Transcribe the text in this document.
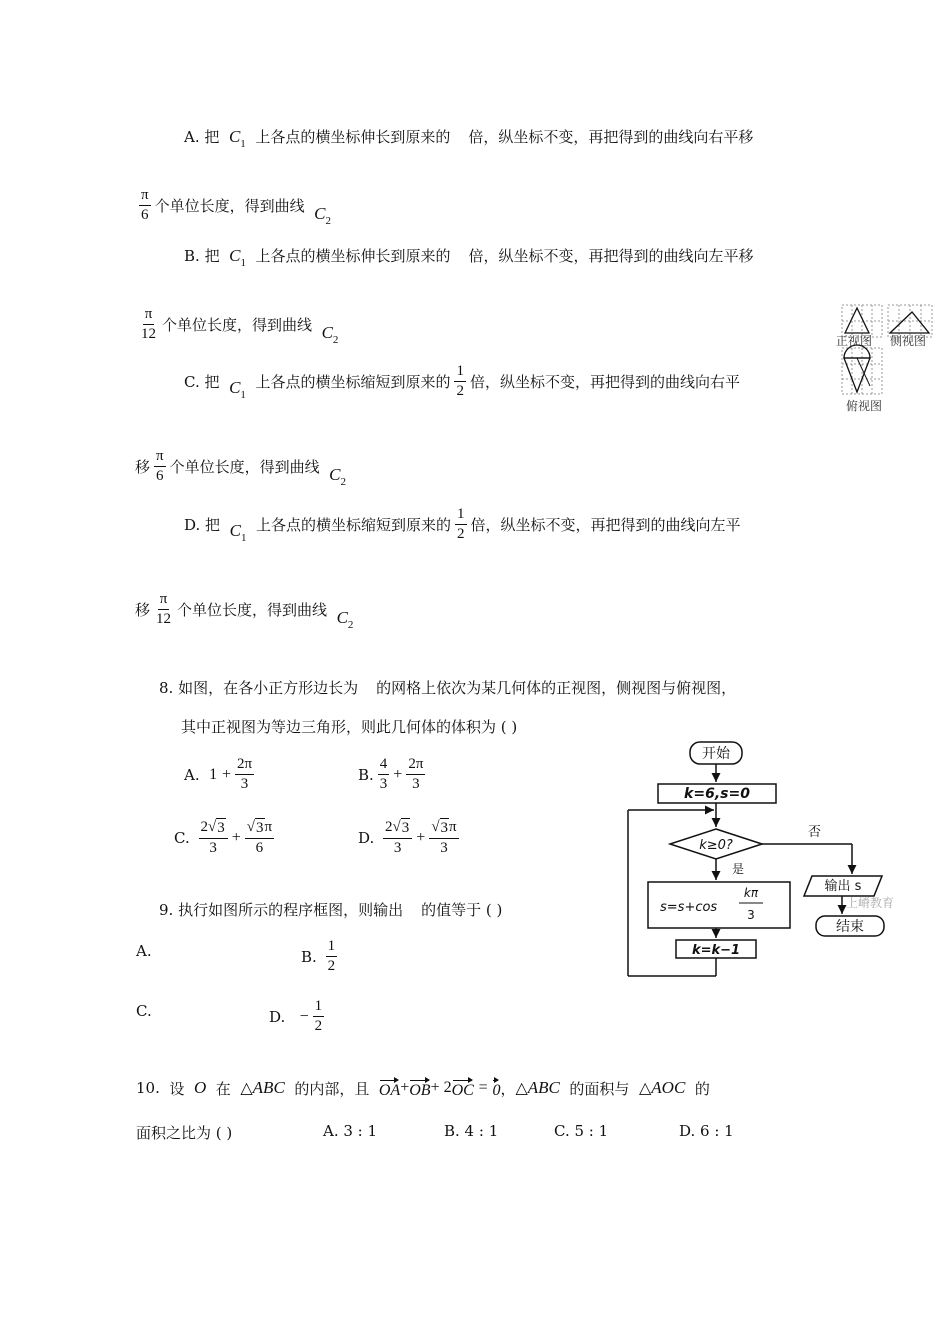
A.
把
$C_1$
上各点的横坐标伸长到原来的 倍，纵坐标不变，再把得到的曲线向右平移
$\frac{\pi}{6}$ 个单位长度，得到曲线
$C_2$
B.
把
$C_1$
上各点的横坐标伸长到原来的 倍，纵坐标不变，再把得到的曲线向左平移
$\frac{\pi}{12}$ 个单位长度，得到曲线
$C_2$
C.
把
$C_1$

上各点的横坐标缩短到原来的 $\frac{1}{2}$ 倍，纵坐标不变，再把得到的曲线向右平
移 $\frac{\pi}{6}$ 个单位长度，得到曲线
$C_2$
D.
把
$C_1$

上各点的横坐标缩短到原来的 $\frac{1}{2}$ 倍，纵坐标不变，再把得到的曲线向左平
移 $\frac{\pi}{12}$ 个单位长度，得到曲线
$C_2$
正视图 侧视图
俯视图
8. 如图，在各小正方形边长为 的网格上依次为某几何体的正视图，侧视图与俯视图，
其中正视图为等边三角形，则此几何体的体积为 ( )
A.
1
+ $\frac{2\pi}{3}$	B. $\frac{4}{3} + \frac{2\pi}{3}$
C.
$\frac{2√ 3}{3} + \frac{√ 3 \pi}{6}$	D.
$\frac{2√ 3}{3} + \frac{√ 3 \pi}{3}$
9. 执行如图所示的程序框图，则输出 的值等于 ( )
A.	B.
$\frac{1}{2}$
C.	D.
− $\frac{1}{2}$
开始
k=6,s=0
k≥0?
否
是
s=s+cos
kπ
3
k=k−1
输出 s
结束
上嵴教育
10.
设
O
在
△ ABC
的内部，且
OA + OB + 2 OC
=
0 ， △ ABC
的面积与
△ AOC
的
面积之比为 ( )	A. 3 : 1	B. 4 : 1	C. 5 : 1	D. 6 : 1
